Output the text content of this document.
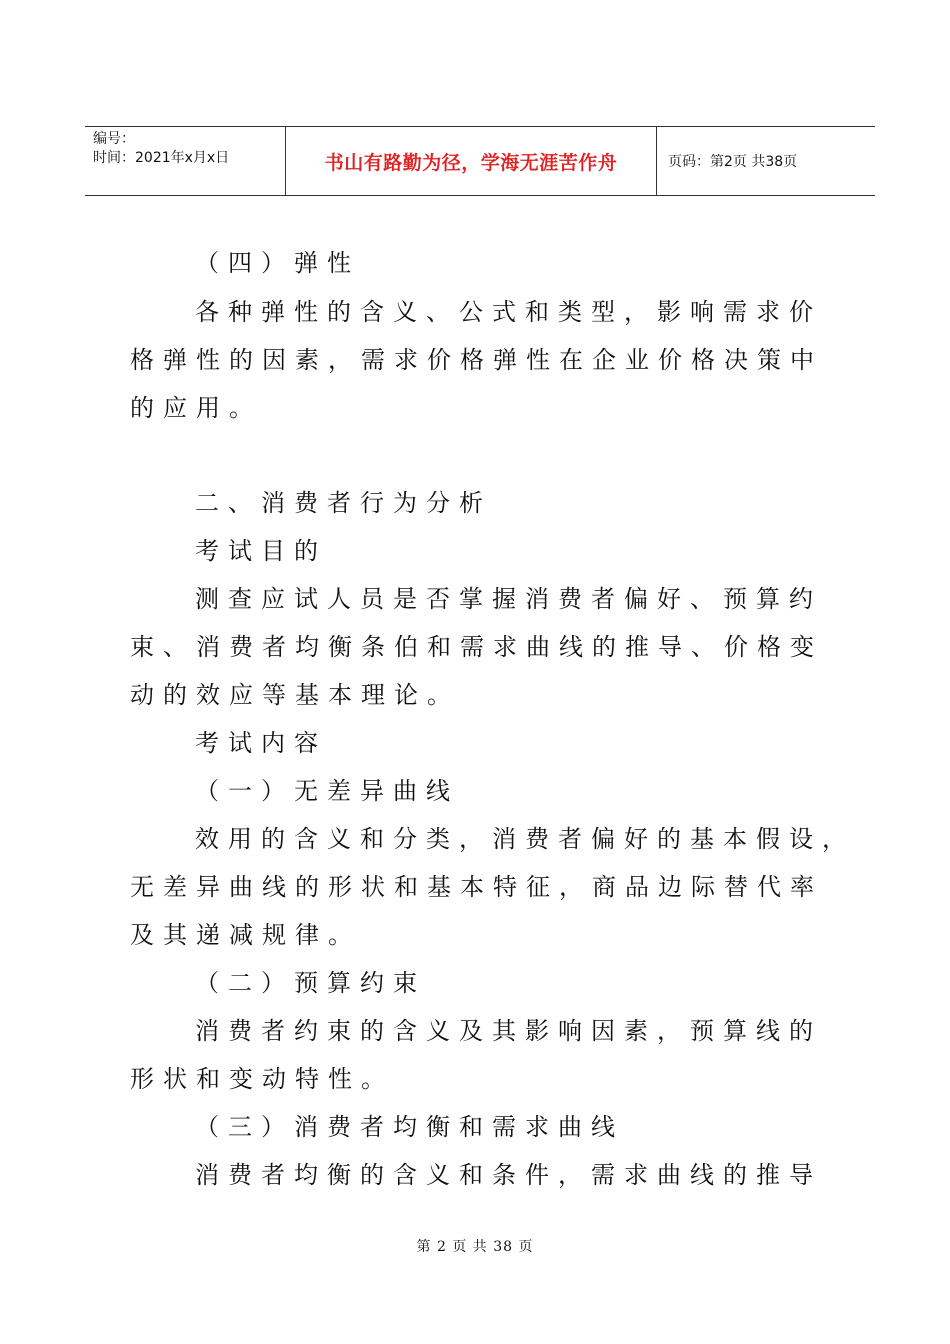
编号：
时间：2021年x月x日	书山有路勤为径，学海无涯苦作舟	页码：第2页 共38页
（四）弹性
各种弹性的含义、公式和类型，影响需求价
格弹性的因素，需求价格弹性在企业价格决策中
的应用。
二、消费者行为分析
考试目的
测查应试人员是否掌握消费者偏好、预算约
束、消费者均衡条伯和需求曲线的推导、价格变
动的效应等基本理论。
考试内容
（一）无差异曲线
效用的含义和分类，消费者偏好的基本假设，
无差异曲线的形状和基本特征，商品边际替代率
及其递减规律。
（二）预算约束
消费者约束的含义及其影响因素，预算线的
形状和变动特性。
（三）消费者均衡和需求曲线
消费者均衡的含义和条件，需求曲线的推导
第 2 页 共 38 页
